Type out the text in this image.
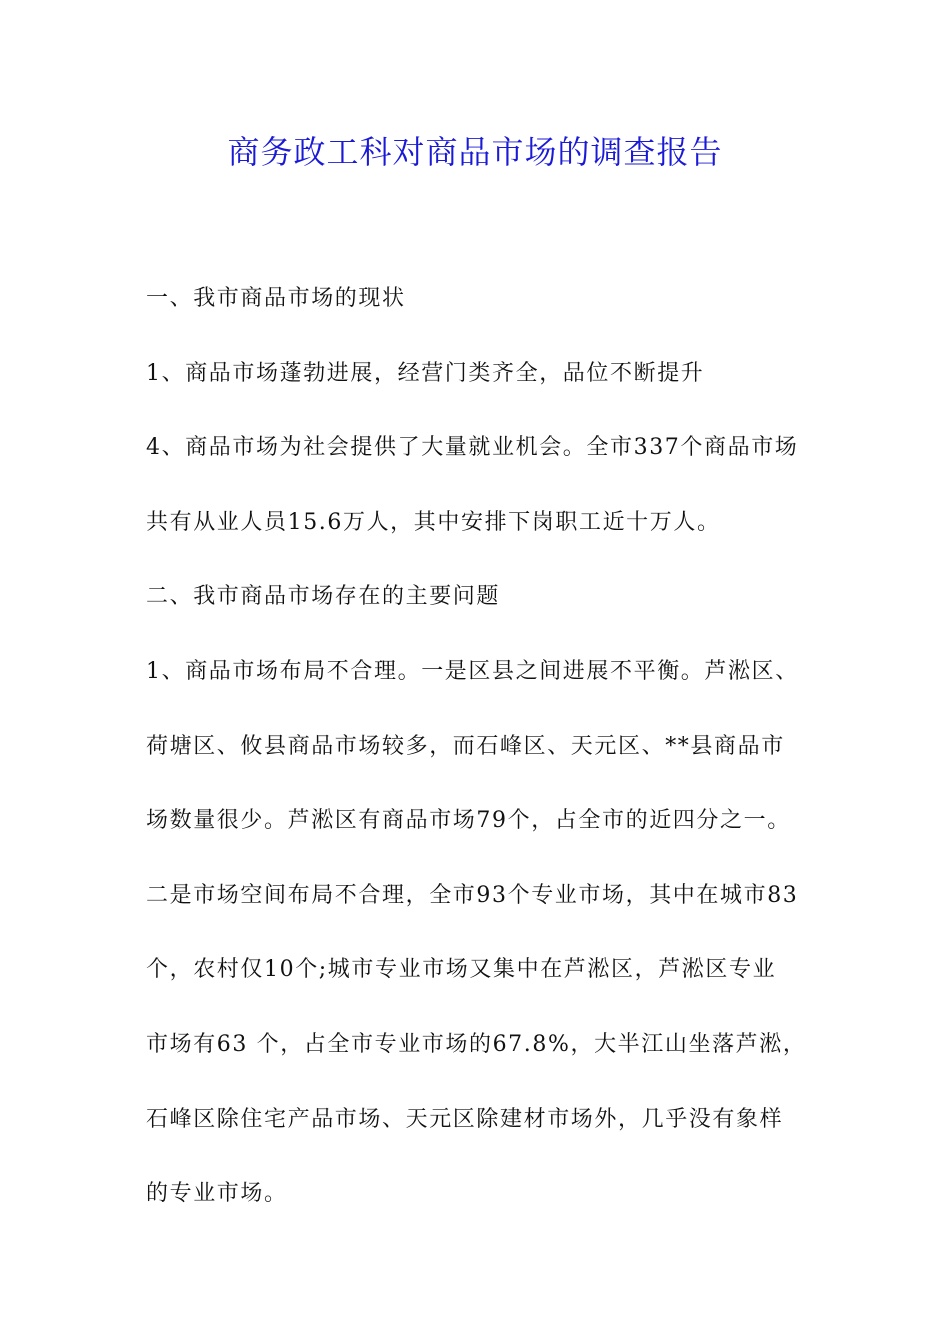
商务政工科对商品市场的调查报告
一、我市商品市场的现状
1、商品市场蓬勃进展，经营门类齐全，品位不断提升
4、商品市场为社会提供了大量就业机会。全市337个商品市场
共有从业人员15.6万人，其中安排下岗职工近十万人。
二、我市商品市场存在的主要问题
1、商品市场布局不合理。一是区县之间进展不平衡。芦淞区、
荷塘区、攸县商品市场较多，而石峰区、天元区、**县商品市
场数量很少。芦淞区有商品市场79个，占全市的近四分之一。
二是市场空间布局不合理，全市93个专业市场，其中在城市83
个，农村仅10个;城市专业市场又集中在芦淞区，芦淞区专业
市场有63 个，占全市专业市场的67.8%，大半江山坐落芦淞，
石峰区除住宅产品市场、天元区除建材市场外，几乎没有象样
的专业市场。
